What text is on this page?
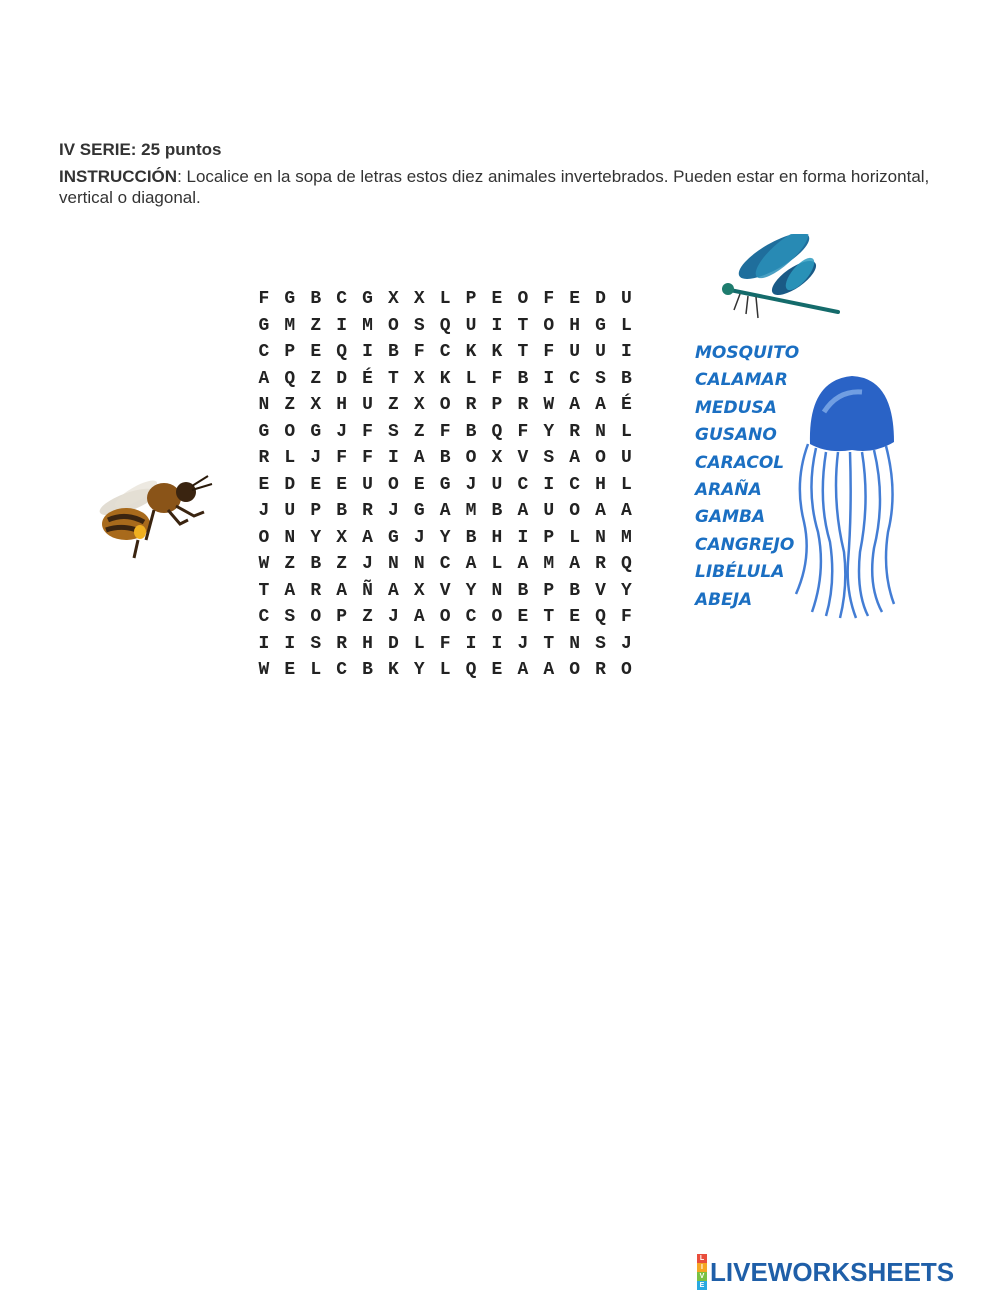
IV SERIE: 25 puntos

INSTRUCCIÓN: Localice en la sopa de letras estos diez animales invertebrados. Pueden estar en forma horizontal, vertical o diagonal.

F G B C G X X L P E O F E D U
G M Z I M O S Q U I T O H G L
C P E Q I B F C K K T F U U I
A Q Z D É T X K L F B I C S B
N Z X H U Z X O R P R W A A É
G O G J F S Z F B Q F Y R N L
R L J F F I A B O X V S A O U
E D E E U O E G J U C I C H L
J U P B R J G A M B A U O A A
O N Y X A G J Y B H I P L N M
W Z B Z J N N C A L A M A R Q
T A R A Ñ A X V Y N B P B V Y
C S O P Z J A O C O E T E Q F
I I S R H D L F I I J T N S J
W E L C B K Y L Q E A A O R O
MOSQUITO
CALAMAR
MEDUSA
GUSANO
CARACOL
ARAÑA
GAMBA
CANGREJO
LIBÉLULA
ABEJA
L
I
V
E LIVEWORKSHEETS
